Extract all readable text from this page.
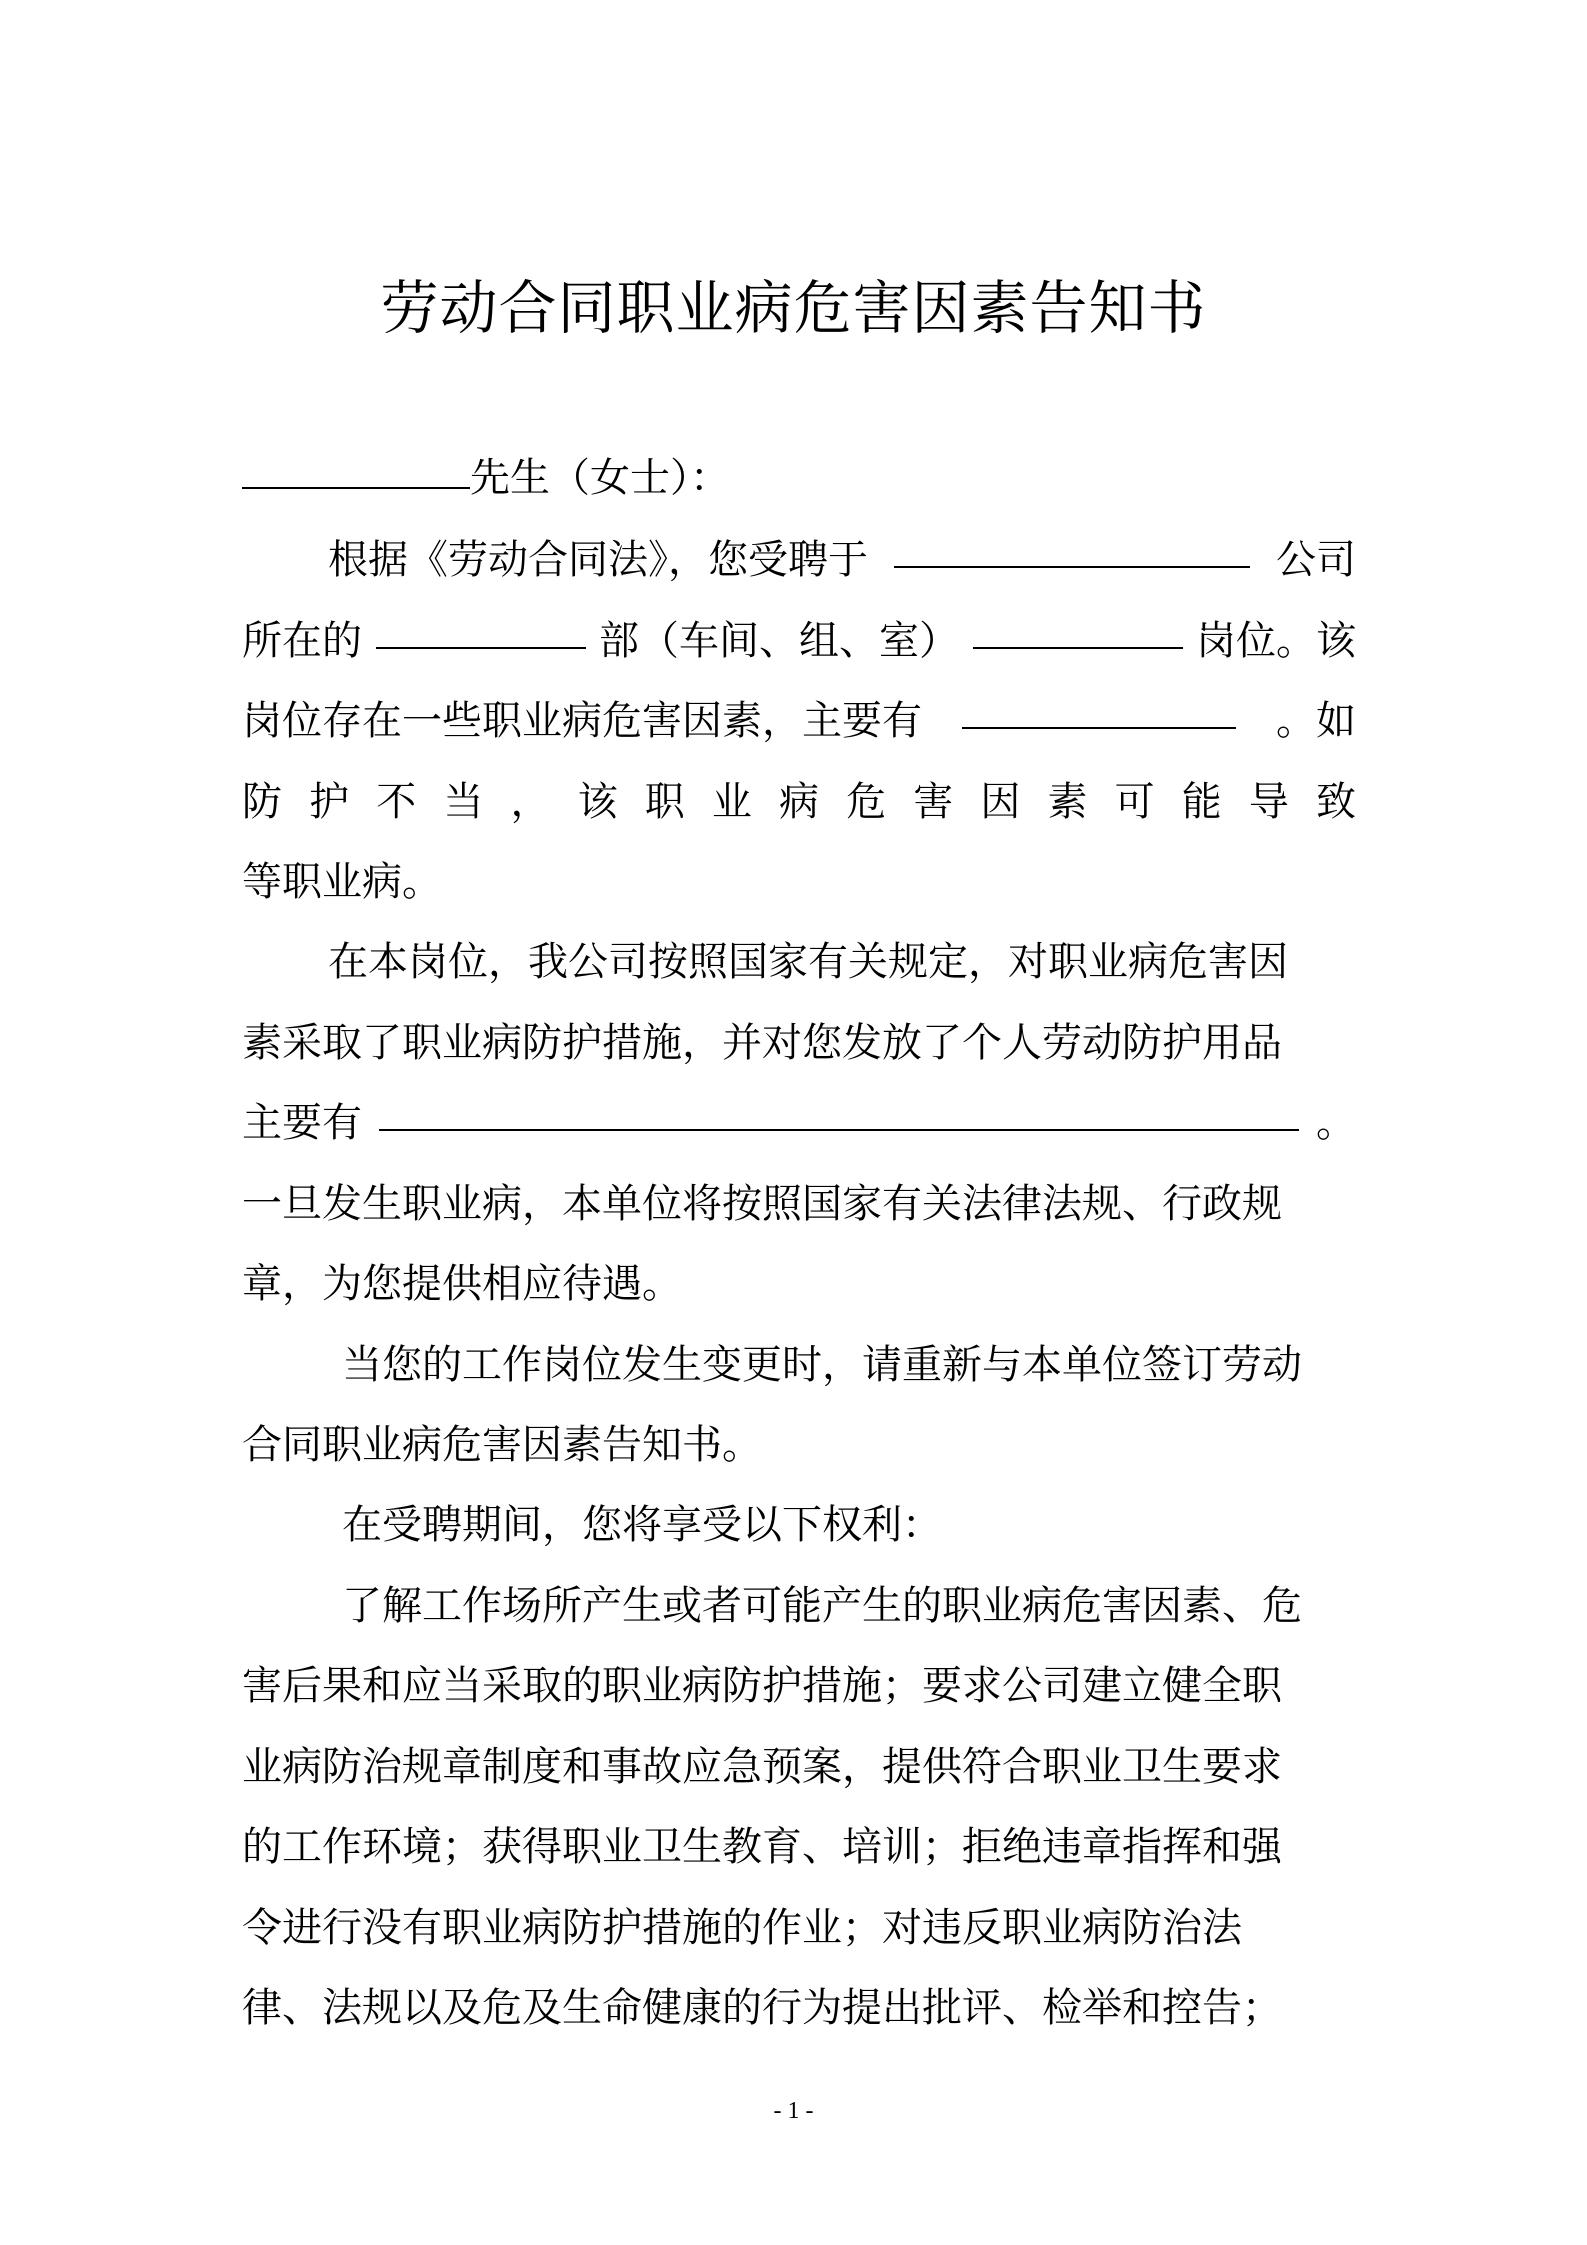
劳动合同职业病危害因素告知书
先生（女士）：
根据《劳动合同法》，您受聘于	公司
所在的	部（车间、组、室）	岗位。该
岗位存在一些职业病危害因素，主要有	。如
防 护 不 当 ， 该 职 业 病 危 害 因 素 可 能 导 致
等职业病。
在本岗位，我公司按照国家有关规定，对职业病危害因
素采取了职业病防护措施，并对您发放了个人劳动防护用品
主要有	。
一旦发生职业病，本单位将按照国家有关法律法规、行政规
章，为您提供相应待遇。
当您的工作岗位发生变更时，请重新与本单位签订劳动
合同职业病危害因素告知书。
在受聘期间，您将享受以下权利：
了解工作场所产生或者可能产生的职业病危害因素、危
害后果和应当采取的职业病防护措施；要求公司建立健全职
业病防治规章制度和事故应急预案，提供符合职业卫生要求
的工作环境；获得职业卫生教育、培训；拒绝违章指挥和强
令进行没有职业病防护措施的作业；对违反职业病防治法
律、法规以及危及生命健康的行为提出批评、检举和控告；
- 1 -
